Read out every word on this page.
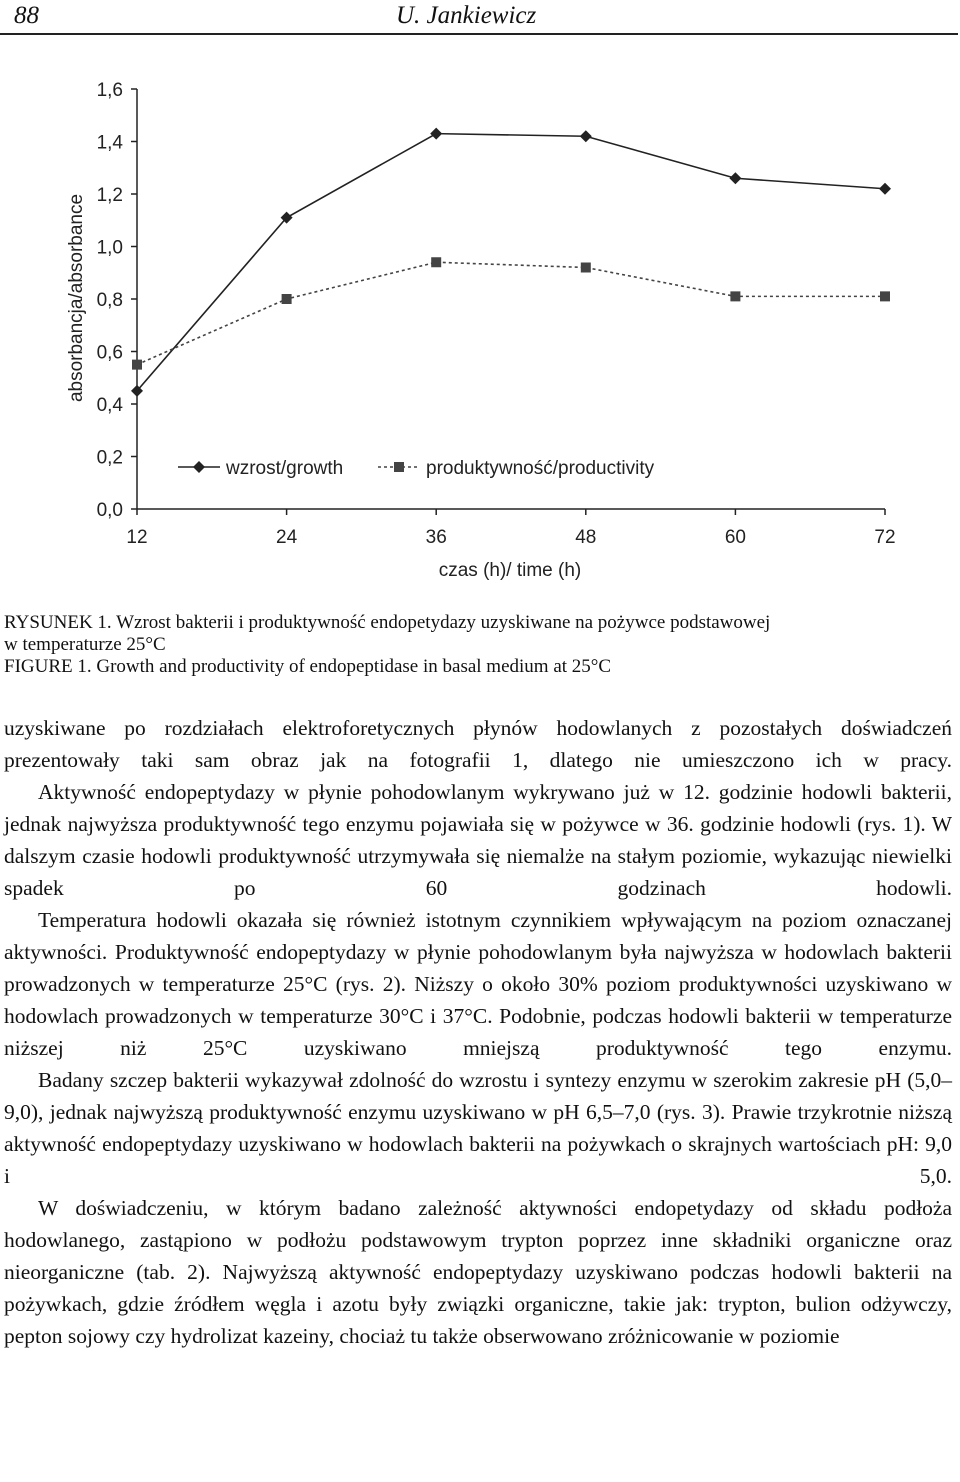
88	U. Jankiewicz
0,0
0,2
0,4
0,6
0,8
1,0
1,2
1,4
1,6
12	24	36	48	60	72
absorbancja/absorbance
czas (h)/ time (h)
wzrost/growth	produktywność/productivity
RYSUNEK 1. Wzrost bakterii i produktywność endopetydazy uzyskiwane na pożywce podstawowej
w temperaturze 25°C
FIGURE 1. Growth and productivity of endopeptidase in basal medium at 25°C

uzyskiwane po rozdziałach elektroforetycznych płynów hodowlanych z pozostałych doświadczeń prezentowały taki sam obraz jak na fotografii 1, dlatego nie umieszczono ich w pracy.

Aktywność endopeptydazy w płynie pohodowlanym wykrywano już w 12. godzinie hodowli bakterii, jednak najwyższa produktywność tego enzymu pojawiała się w pożywce w 36. godzinie hodowli (rys. 1). W dalszym czasie hodowli produktywność utrzymywała się niemalże na stałym poziomie, wykazując niewielki spadek po 60 godzinach hodowli.

Temperatura hodowli okazała się również istotnym czynnikiem wpływającym na poziom oznaczanej aktywności. Produktywność endopeptydazy w płynie pohodowlanym była najwyższa w hodowlach bakterii prowadzonych w temperaturze 25°C (rys. 2). Niższy o około 30% poziom produktywności uzyskiwano w hodowlach prowadzonych w temperaturze 30°C i 37°C. Podobnie, podczas hodowli bakterii w temperaturze niższej niż 25°C uzyskiwano mniejszą produktywność tego enzymu.

Badany szczep bakterii wykazywał zdolność do wzrostu i syntezy enzymu w szerokim zakresie pH (5,0–9,0), jednak najwyższą produktywność enzymu uzyskiwano w pH 6,5–7,0 (rys. 3). Prawie trzykrotnie niższą aktywność endopeptydazy uzyskiwano w hodowlach bakterii na pożywkach o skrajnych wartościach pH: 9,0 i 5,0.

W doświadczeniu, w którym badano zależność aktywności endopetydazy od składu podłoża hodowlanego, zastąpiono w podłożu podstawowym trypton poprzez inne składniki organiczne oraz nieorganiczne (tab. 2). Najwyższą aktywność endopeptydazy uzyskiwano podczas hodowli bakterii na pożywkach, gdzie źródłem węgla i azotu były związki organiczne, takie jak: trypton, bulion odżywczy, pepton sojowy czy hydrolizat kazeiny, chociaż tu także obserwowano zróżnicowanie w poziomie
